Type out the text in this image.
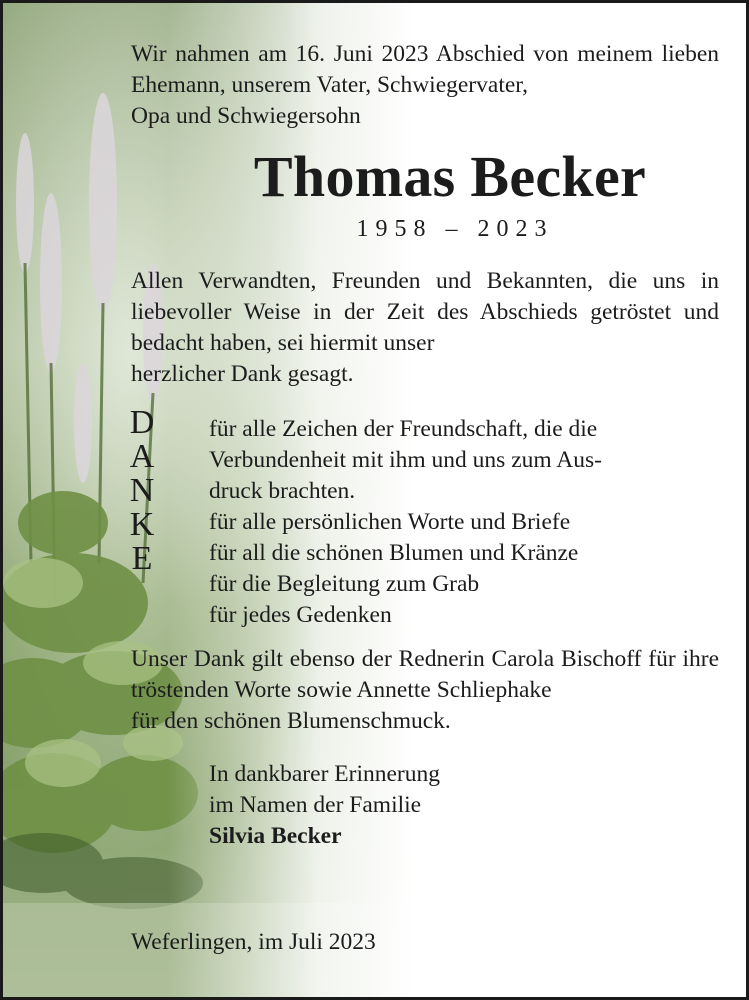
Wir nahmen am 16. Juni 2023 Abschied von meinem lieben Ehemann, unserem Vater, Schwiegervater,
Opa und Schwiegersohn

Thomas Becker
1958 – 2023

Allen Verwandten, Freunden und Bekannten, die uns in liebevoller Weise in der Zeit des Abschieds getröstet und bedacht haben, sei hiermit unser
herzlicher Dank gesagt.

D
A
N
K
E
für alle Zeichen der Freundschaft, die die
Verbundenheit mit ihm und uns zum Aus-
druck brachten.
für alle persönlichen Worte und Briefe
für all die schönen Blumen und Kränze
für die Begleitung zum Grab
für jedes Gedenken

Unser Dank gilt ebenso der Rednerin Carola Bischoff für ihre tröstenden Worte sowie Annette Schliephake
für den schönen Blumenschmuck.

In dankbarer Erinnerung
im Namen der Familie
Silvia Becker
Weferlingen, im Juli 2023
